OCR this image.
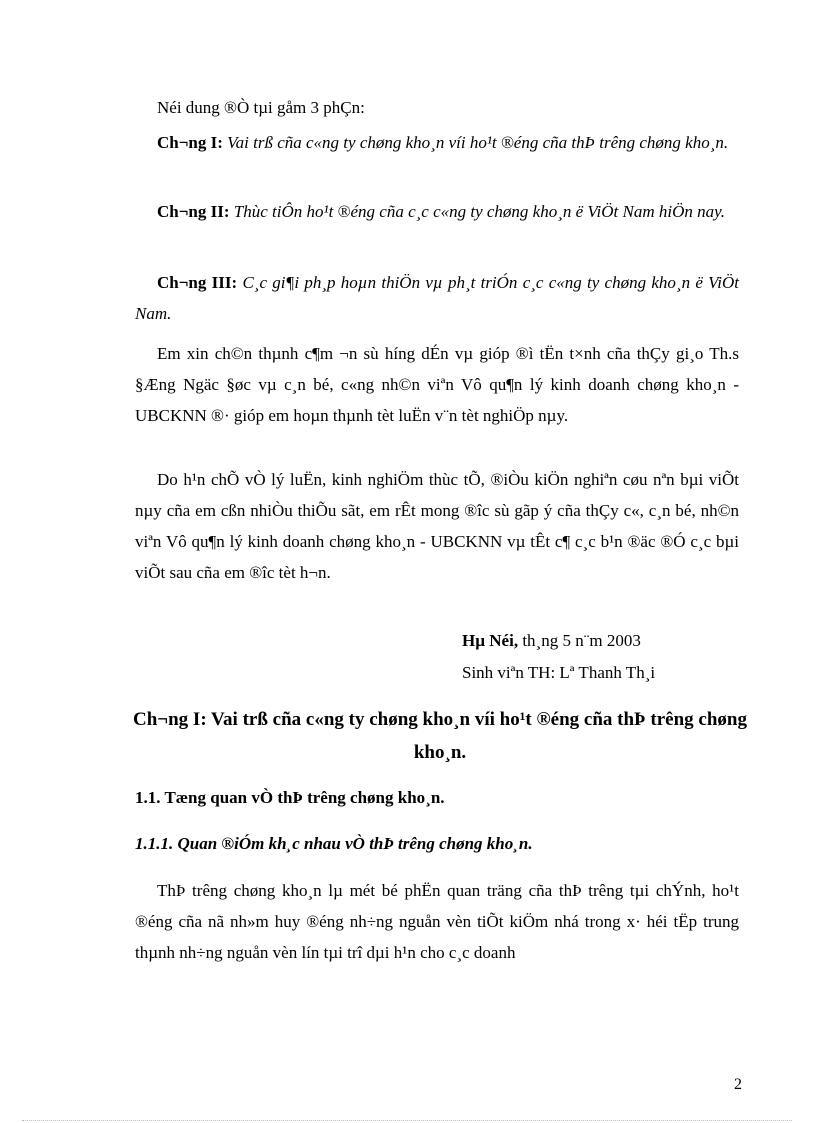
Néi dung ®Ò tµi gåm 3 phÇn:

Ch¬ng I: Vai trß cña c«ng ty chøng kho¸n víi ho¹t ®éng cña thÞ trêng chøng kho¸n.

Ch¬ng II: Thùc tiÔn ho¹t ®éng cña c¸c c«ng ty chøng kho¸n ë ViÖt Nam hiÖn nay.

Ch¬ng III: C¸c gi¶i ph¸p hoµn thiÖn vµ ph¸t triÓn c¸c c«ng ty chøng kho¸n ë ViÖt Nam.

Em xin ch©n thµnh c¶m ¬n sù híng dÉn vµ gióp ®ì tËn t×nh cña thÇy gi¸o Th.s §Æng Ngäc §øc vµ c¸n bé, c«ng nh©n viªn Vô qu¶n lý kinh doanh chøng kho¸n - UBCKNN ®· gióp em hoµn thµnh tèt luËn v¨n tèt nghiÖp nµy.

Do h¹n chÕ vÒ lý luËn, kinh nghiÖm thùc tÕ, ®iÒu kiÖn nghiªn cøu nªn bµi viÕt nµy cña em cßn nhiÒu thiÕu sãt, em rÊt mong ®îc sù gãp ý cña thÇy c«, c¸n bé, nh©n viªn Vô qu¶n lý kinh doanh chøng kho¸n - UBCKNN vµ tÊt c¶ c¸c b¹n ®äc ®Ó c¸c bµi viÕt sau cña em ®îc tèt h¬n.

Hµ Néi, th¸ng 5 n¨m 2003
Sinh viªn TH: Lª Thanh Th¸i
Ch¬ng I: Vai trß cña c«ng ty chøng kho¸n víi ho¹t ®éng cña thÞ trêng chøng kho¸n.
1.1. Tæng quan vÒ thÞ trêng chøng kho¸n.
1.1.1. Quan ®iÓm kh¸c nhau vÒ thÞ trêng chøng kho¸n.

ThÞ trêng chøng kho¸n lµ mét bé phËn quan träng cña thÞ trêng tµi chÝnh, ho¹t ®éng cña nã nh»m huy ®éng nh÷ng nguån vèn tiÕt kiÖm nhá trong x· héi tËp trung thµnh nh÷ng nguån vèn lín tµi trî dµi h¹n cho c¸c doanh

2
